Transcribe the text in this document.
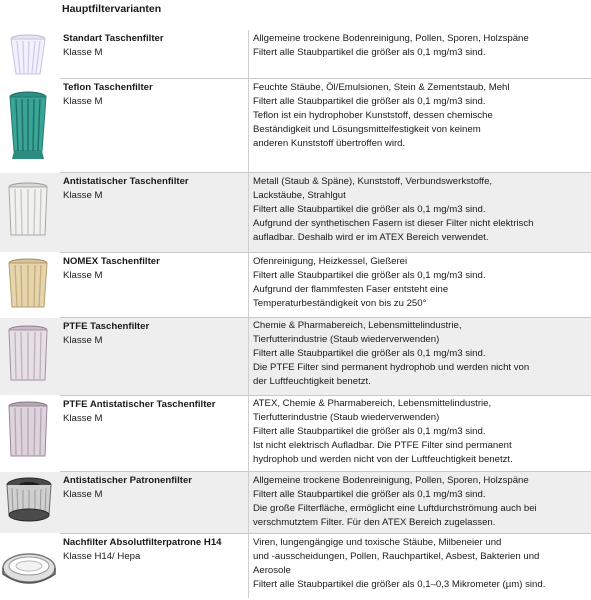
Hauptfiltervarianten
Standart Taschenfilter
Klasse M
Allgemeine trockene Bodenreinigung, Pollen, Sporen, Holzspäne
Filtert alle Staubpartikel die größer als 0,1 mg/m3 sind.
Teflon Taschenfilter
Klasse M
Feuchte Stäube, Öl/Emulsionen, Stein & Zementstaub, Mehl
Filtert alle Staubpartikel die größer als 0,1 mg/m3 sind.
Teflon ist ein hydrophober Kunststoff, dessen chemische
Beständigkeit und Lösungsmittelfestigkeit von keinem
anderen Kunststoff übertroffen wird.
Antistatischer Taschenfilter
Klasse M
Metall (Staub & Späne), Kunststoff, Verbundswerkstoffe,
Lackstäube, Strahlgut
Filtert alle Staubpartikel die größer als 0,1 mg/m3 sind.
Aufgrund der synthetischen Fasern ist dieser Filter nicht elektrisch
aufladbar. Deshalb wird er im ATEX Bereich verwendet.
NOMEX Taschenfilter
Klasse M
Ofenreinigung, Heizkessel, Gießerei
Filtert alle Staubpartikel die größer als 0,1 mg/m3 sind.
Aufgrund der flammfesten Faser entsteht eine
Temperaturbeständigkeit von bis zu 250°
PTFE Taschenfilter
Klasse M
Chemie & Pharmabereich, Lebensmittelindustrie,
Tierfutterindustrie (Staub wiederverwenden)
Filtert alle Staubpartikel die größer als 0,1 mg/m3 sind.
Die PTFE Filter sind permanent hydrophob und werden nicht von
der Luftfeuchtigkeit benetzt.
PTFE Antistatischer Taschenfilter
Klasse M
ATEX, Chemie & Pharmabereich, Lebensmittelindustrie,
Tierfutterindustrie (Staub wiederverwenden)
Filtert alle Staubpartikel die größer als 0,1 mg/m3 sind.
Ist nicht elektrisch Aufladbar. Die PTFE Filter sind permanent
hydrophob und werden nicht von der Luftfeuchtigkeit benetzt.
Antistatischer Patronenfilter
Klasse M
Allgemeine trockene Bodenreinigung, Pollen, Sporen, Holzspäne
Filtert alle Staubpartikel die größer als 0,1 mg/m3 sind.
Die große Filterfläche, ermöglicht eine Luftdurchströmung auch bei
verschmutztem Filter. Für den ATEX Bereich zugelassen.
Nachfilter Absolutfilterpatrone H14
Klasse H14/ Hepa
Viren, lungengängige und toxische Stäube, Milbeneier und
und -ausscheidungen, Pollen, Rauchpartikel, Asbest, Bakterien und
Aerosole
Filtert alle Staubpartikel die größer als 0,1–0,3 Mikrometer (µm) sind.
